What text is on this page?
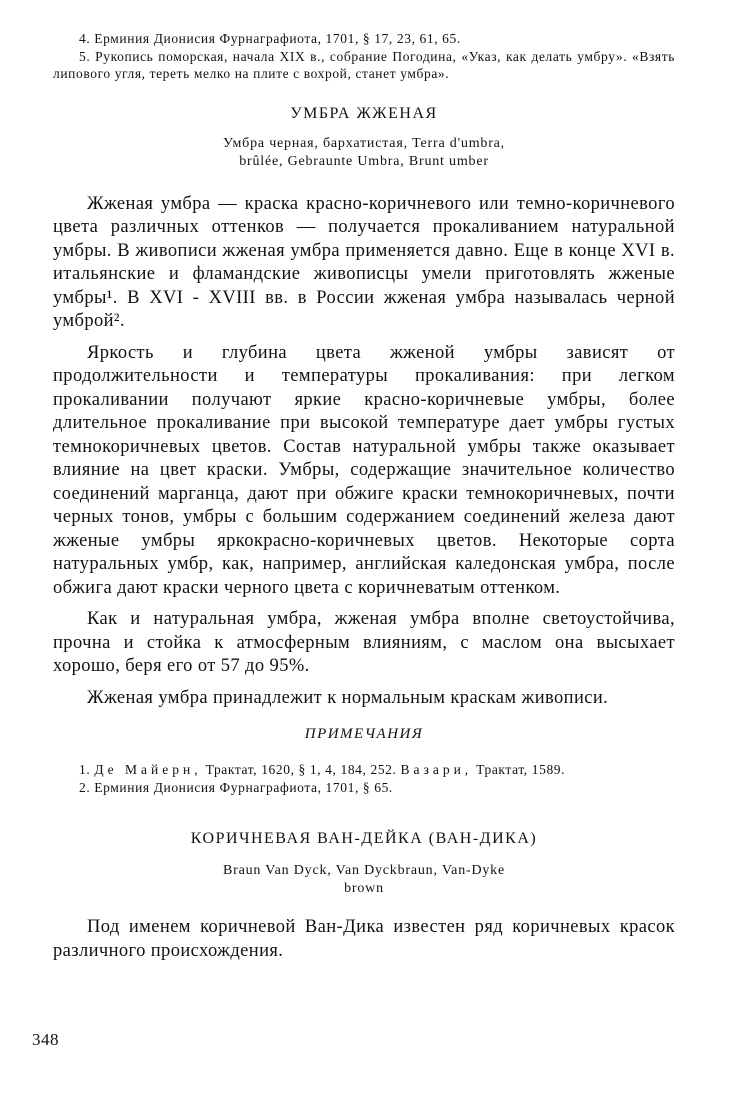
4. Ерминия Дионисия Фурнаграфиота, 1701, § 17, 23, 61, 65.

5. Рукопись поморская, начала XIX в., собрание Погодина, «Указ, как делать умбру». «Взять липового угля, тереть мелко на плите с вохрой, станет умбра».

УМБРА ЖЖЕНАЯ
Умбра черная, бархатистая, Terra d'umbra,
brûlée, Gebraunte Umbra, Brunt umber

Жженая умбра — краска красно-коричневого или темно-коричневого цвета различных оттенков — получается прокаливанием натуральной умбры. В живописи жженая умбра применяется давно. Еще в конце XVI в. итальянские и фламандские живописцы умели приготовлять жженые умбры¹. В XVI - XVIII вв. в России жженая умбра называлась черной умброй².

Яркость и глубина цвета жженой умбры зависят от продолжительности и температуры прокаливания: при легком прокаливании получают яркие красно-коричневые умбры, более длительное прокаливание при высокой температуре дает умбры густых темнокоричневых цветов. Состав натуральной умбры также оказывает влияние на цвет краски. Умбры, содержащие значительное количество соединений марганца, дают при обжиге краски темнокоричневых, почти черных тонов, умбры с большим содержанием соединений железа дают жженые умбры яркокрасно-коричневых цветов. Некоторые сорта натуральных умбр, как, например, английская каледонская умбра, после обжига дают краски черного цвета с коричневатым оттенком.

Как и натуральная умбра, жженая умбра вполне светоустойчива, прочна и стойка к атмосферным влияниям, с маслом она высыхает хорошо, беря его от 57 до 95%.

Жженая умбра принадлежит к нормальным краскам живописи.

ПРИМЕЧАНИЯ

1. Де Майерн, Трактат, 1620, § 1, 4, 184, 252. Вазари, Трактат, 1589.

2. Ерминия Дионисия Фурнаграфиота, 1701, § 65.

КОРИЧНЕВАЯ ВАН-ДЕЙКА (ВАН-ДИКА)
Braun Van Dyck, Van Dyckbraun, Van-Dyke
brown

Под именем коричневой Ван-Дика известен ряд коричневых красок различного происхождения.

348
